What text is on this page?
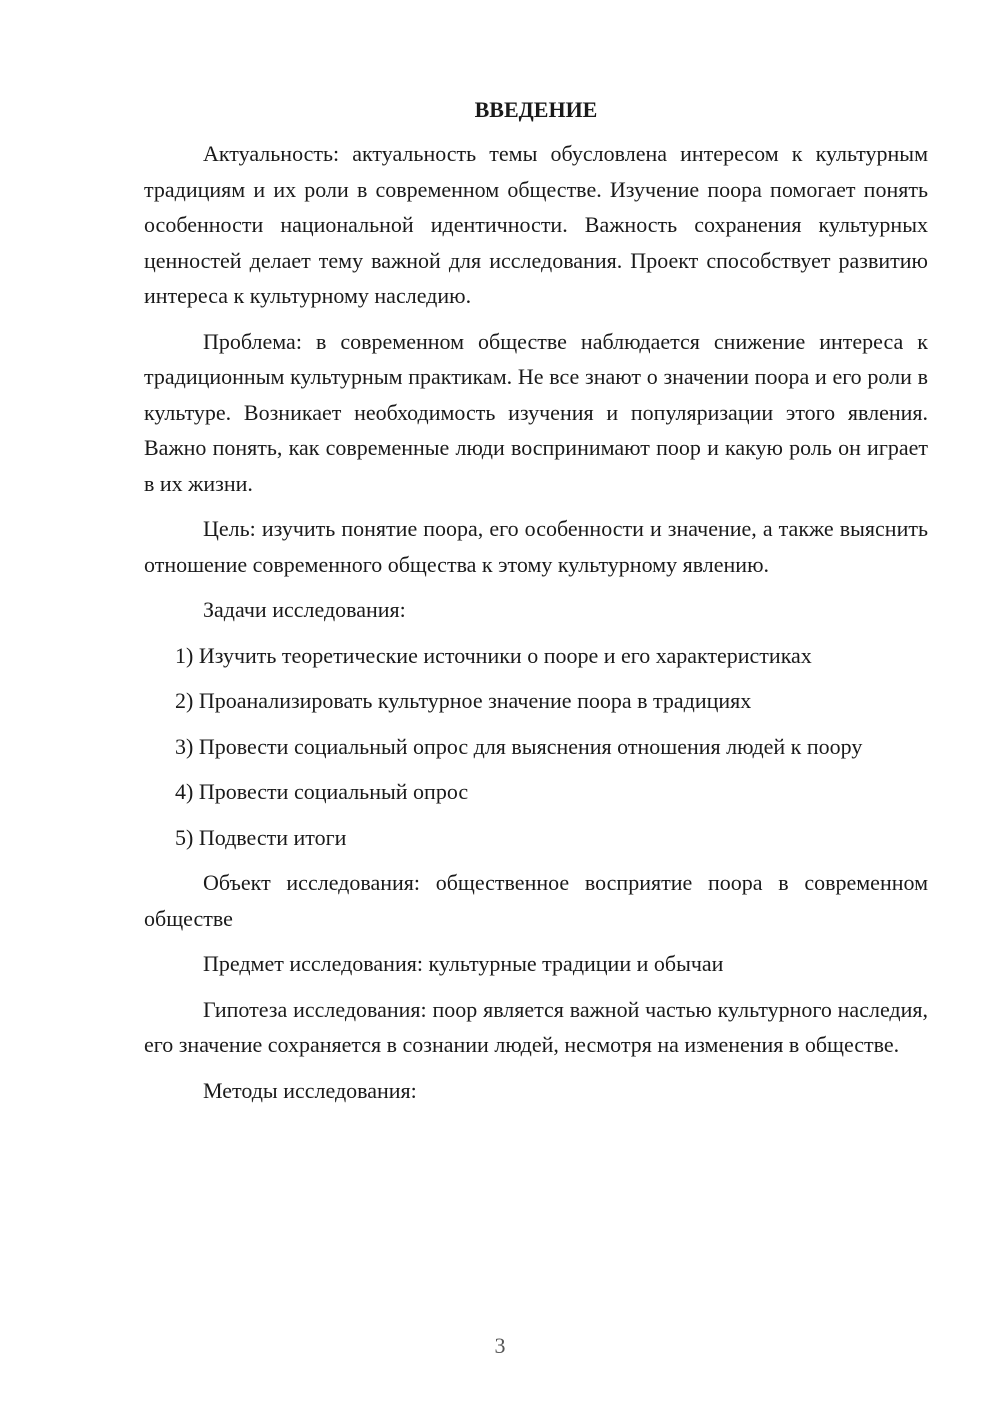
ВВЕДЕНИЕ

Актуальность: актуальность темы обусловлена интересом к культурным традициям и их роли в современном обществе. Изучение поора помогает понять особенности национальной идентичности. Важность сохранения культурных ценностей делает тему важной для исследования. Проект способствует развитию интереса к культурному наследию.

Проблема: в современном обществе наблюдается снижение интереса к традиционным культурным практикам. Не все знают о значении поора и его роли в культуре. Возникает необходимость изучения и популяризации этого явления. Важно понять, как современные люди воспринимают поор и какую роль он играет в их жизни.

Цель: изучить понятие поора, его особенности и значение, а также выяснить отношение современного общества к этому культурному явлению.

Задачи исследования:

1) Изучить теоретические источники о пооре и его характеристиках

2) Проанализировать культурное значение поора в традициях

3) Провести социальный опрос для выяснения отношения людей к поору

4) Провести социальный опрос

5) Подвести итоги

Объект исследования: общественное восприятие поора в современном обществе

Предмет исследования: культурные традиции и обычаи

Гипотеза исследования: поор является важной частью культурного наследия, его значение сохраняется в сознании людей, несмотря на изменения в обществе.

Методы исследования:

3
